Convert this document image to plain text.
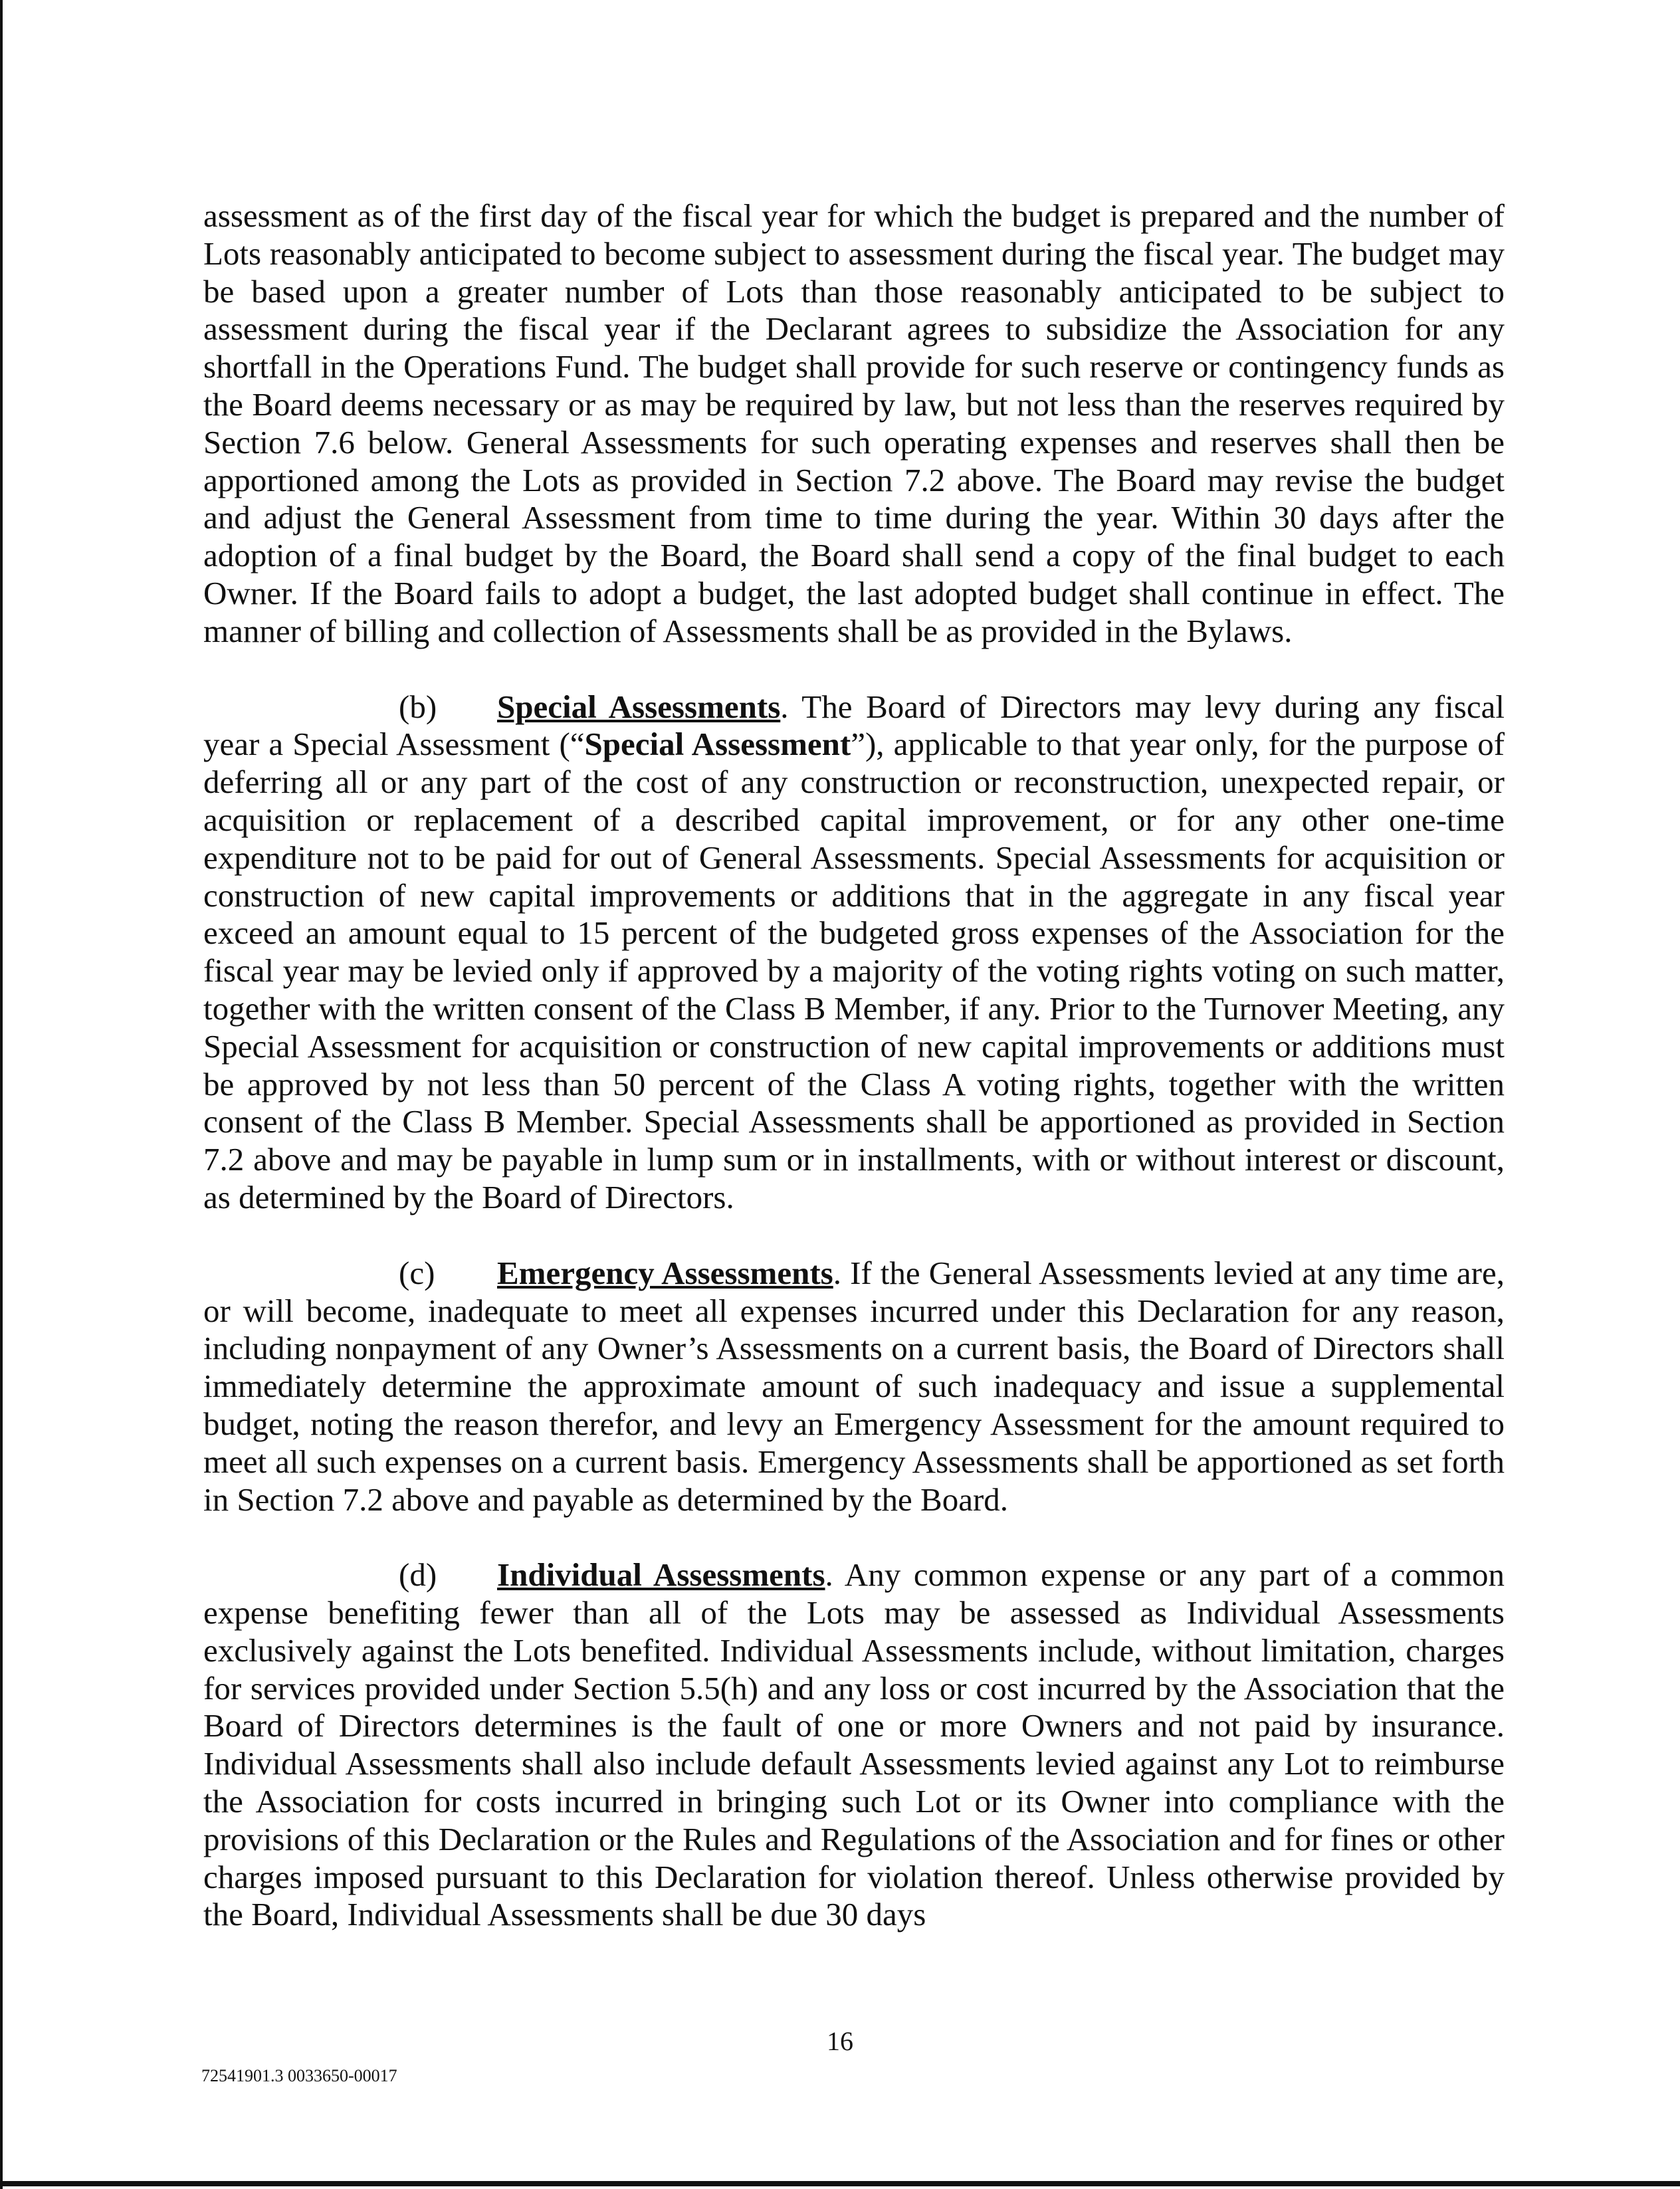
assessment as of the first day of the fiscal year for which the budget is prepared and the number of Lots reasonably anticipated to become subject to assessment during the fiscal year. The budget may be based upon a greater number of Lots than those reasonably anticipated to be subject to assessment during the fiscal year if the Declarant agrees to subsidize the Association for any shortfall in the Operations Fund. The budget shall provide for such reserve or contingency funds as the Board deems necessary or as may be required by law, but not less than the reserves required by Section 7.6 below. General Assessments for such operating expenses and reserves shall then be apportioned among the Lots as provided in Section 7.2 above. The Board may revise the budget and adjust the General Assessment from time to time during the year. Within 30 days after the adoption of a final budget by the Board, the Board shall send a copy of the final budget to each Owner. If the Board fails to adopt a budget, the last adopted budget shall continue in effect. The manner of billing and collection of Assessments shall be as provided in the Bylaws.

(b) Special Assessments. The Board of Directors may levy during any fiscal year a Special Assessment (“Special Assessment”), applicable to that year only, for the purpose of deferring all or any part of the cost of any construction or reconstruction, unexpected repair, or acquisition or replacement of a described capital improvement, or for any other one-time expenditure not to be paid for out of General Assessments. Special Assessments for acquisition or construction of new capital improvements or additions that in the aggregate in any fiscal year exceed an amount equal to 15 percent of the budgeted gross expenses of the Association for the fiscal year may be levied only if approved by a majority of the voting rights voting on such matter, together with the written consent of the Class B Member, if any. Prior to the Turnover Meeting, any Special Assessment for acquisition or construction of new capital improvements or additions must be approved by not less than 50 percent of the Class A voting rights, together with the written consent of the Class B Member. Special Assessments shall be apportioned as provided in Section 7.2 above and may be payable in lump sum or in installments, with or without interest or discount, as determined by the Board of Directors.

(c) Emergency Assessments. If the General Assessments levied at any time are, or will become, inadequate to meet all expenses incurred under this Declaration for any reason, including nonpayment of any Owner’s Assessments on a current basis, the Board of Directors shall immediately determine the approximate amount of such inadequacy and issue a supplemental budget, noting the reason therefor, and levy an Emergency Assessment for the amount required to meet all such expenses on a current basis. Emergency Assessments shall be apportioned as set forth in Section 7.2 above and payable as determined by the Board.

(d) Individual Assessments. Any common expense or any part of a common expense benefiting fewer than all of the Lots may be assessed as Individual Assessments exclusively against the Lots benefited. Individual Assessments include, without limitation, charges for services provided under Section 5.5(h) and any loss or cost incurred by the Association that the Board of Directors determines is the fault of one or more Owners and not paid by insurance. Individual Assessments shall also include default Assessments levied against any Lot to reimburse the Association for costs incurred in bringing such Lot or its Owner into compliance with the provisions of this Declaration or the Rules and Regulations of the Association and for fines or other charges imposed pursuant to this Declaration for violation thereof. Unless otherwise provided by the Board, Individual Assessments shall be due 30 days

16
72541901.3 0033650-00017
